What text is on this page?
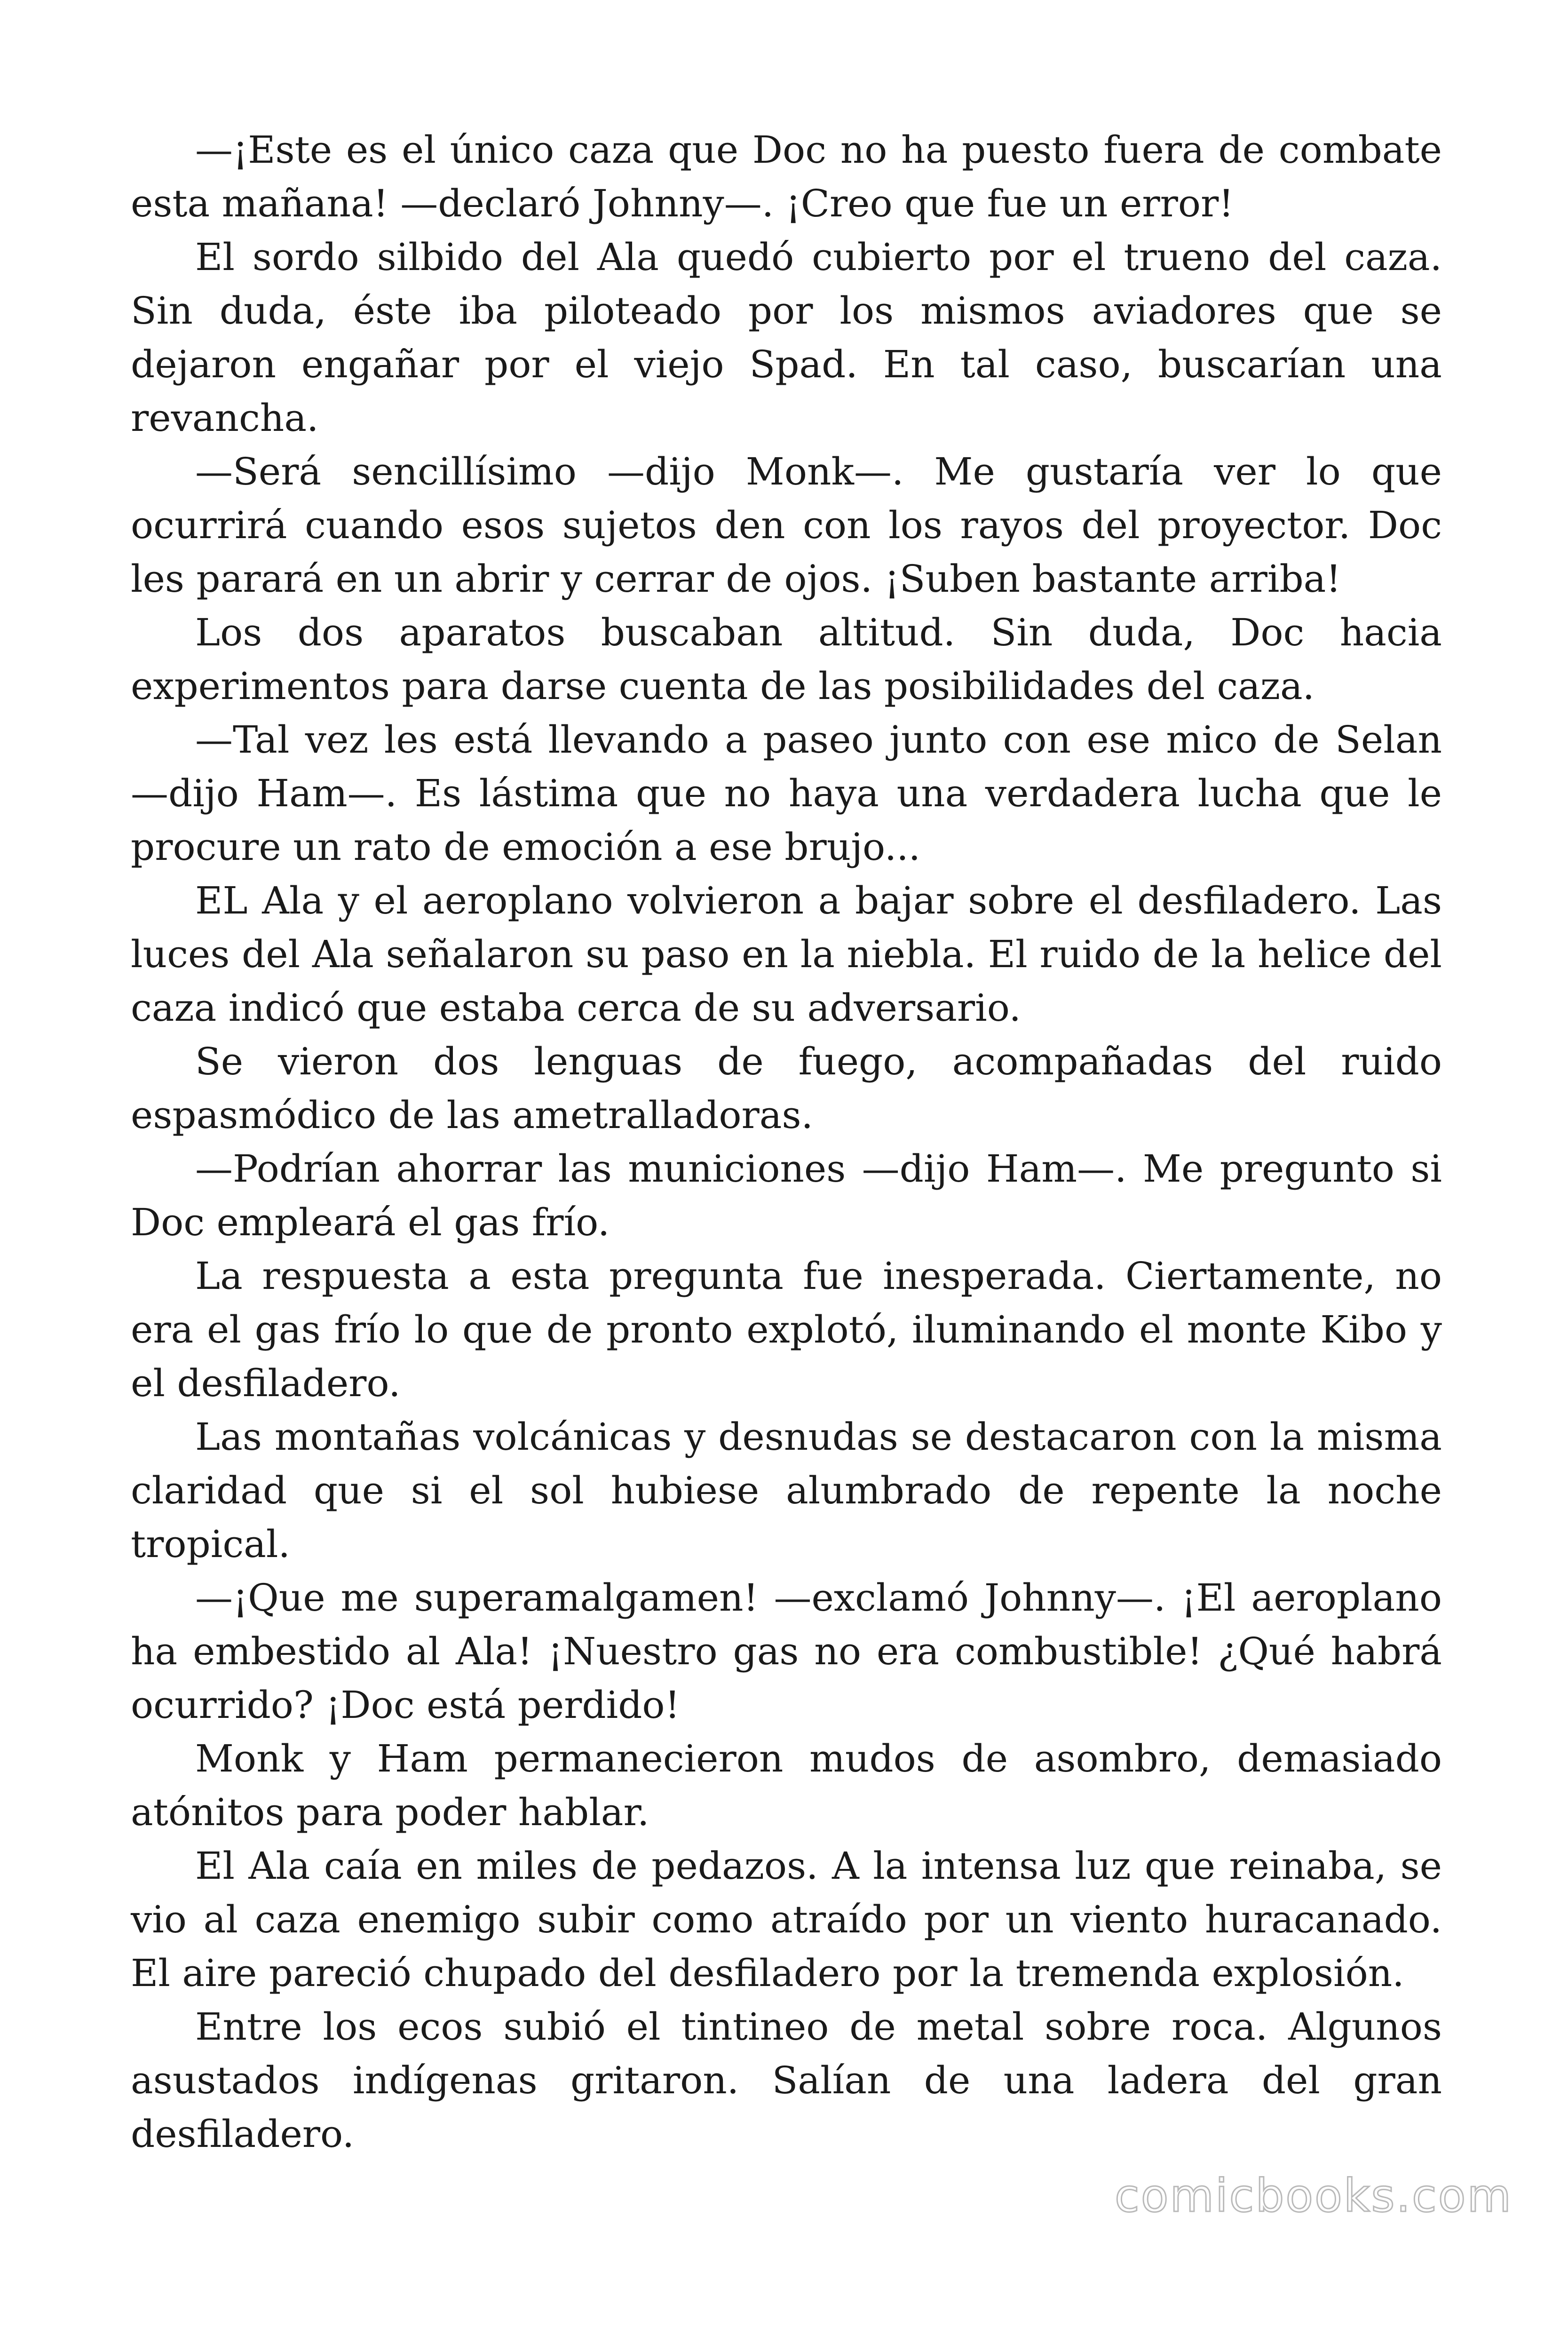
—¡Este es el único caza que Doc no ha puesto fuera de combate esta mañana! —declaró Johnny—. ¡Creo que fue un error!

El sordo silbido del Ala quedó cubierto por el trueno del caza. Sin duda, éste iba piloteado por los mismos aviadores que se dejaron engañar por el viejo Spad. En tal caso, buscarían una revancha.

—Será sencillísimo —dijo Monk—. Me gustaría ver lo que ocurrirá cuando esos sujetos den con los rayos del proyector. Doc les parará en un abrir y cerrar de ojos. ¡Suben bastante arriba!

Los dos aparatos buscaban altitud. Sin duda, Doc hacia experimentos para darse cuenta de las posibilidades del caza.

—Tal vez les está llevando a paseo junto con ese mico de Selan —dijo Ham—. Es lástima que no haya una verdadera lucha que le procure un rato de emoción a ese brujo...

EL Ala y el aeroplano volvieron a bajar sobre el desfiladero. Las luces del Ala señalaron su paso en la niebla. El ruido de la helice del caza indicó que estaba cerca de su adversario.

Se vieron dos lenguas de fuego, acompañadas del ruido espasmódico de las ametralladoras.

—Podrían ahorrar las municiones —dijo Ham—. Me pregunto si Doc empleará el gas frío.

La respuesta a esta pregunta fue inesperada. Ciertamente, no era el gas frío lo que de pronto explotó, iluminando el monte Kibo y el desfiladero.

Las montañas volcánicas y desnudas se destacaron con la misma claridad que si el sol hubiese alumbrado de repente la noche tropical.

—¡Que me superamalgamen! —exclamó Johnny—. ¡El aeroplano ha embestido al Ala! ¡Nuestro gas no era combustible! ¿Qué habrá ocurrido? ¡Doc está perdido!

Monk y Ham permanecieron mudos de asombro, demasiado atónitos para poder hablar.

El Ala caía en miles de pedazos. A la intensa luz que reinaba, se vio al caza enemigo subir como atraído por un viento huracanado. El aire pareció chupado del desfiladero por la tremenda explosión.

Entre los ecos subió el tintineo de metal sobre roca. Algunos asustados indígenas gritaron. Salían de una ladera del gran desfiladero.

comicbooks.com
